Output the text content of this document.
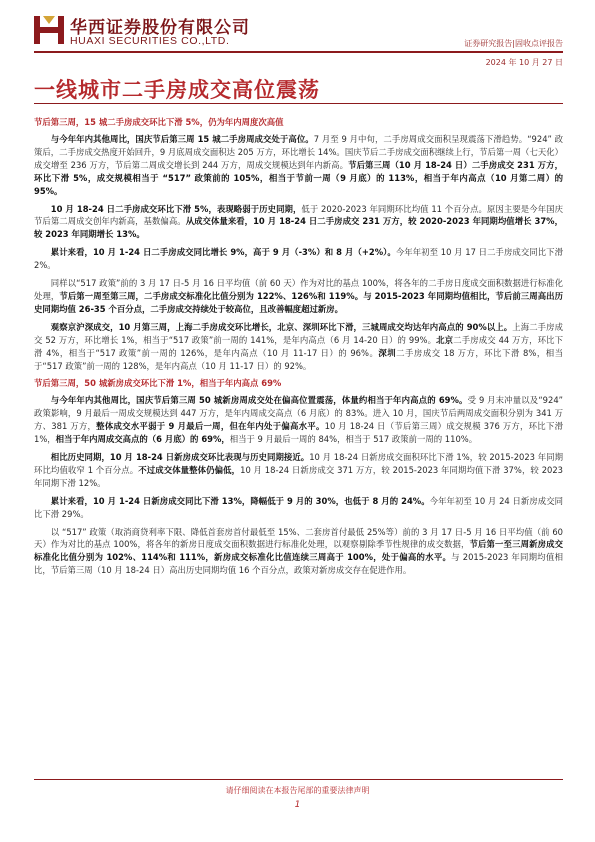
华西证券股份有限公司
HUAXI SECURITIES CO.,LTD.	证券研究报告|固收点评报告
2024 年 10 月 27 日
一线城市二手房成交高位震荡
节后第三周，15 城二手房成交环比下滑 5%，仍为年内周度次高值

与今年年内其他周比，国庆节后第三周 15 城二手房周成交处于高位。7 月至 9 月中旬，二手房周成交面积呈现震荡下滑趋势。“924” 政策后，二手房成交热度开始回升，9 月底周成交面积达 205 万方，环比增长 14%。国庆节后二手房成交面积继续上行，节后第一周（七天化）成交增至 236 万方，节后第二周成交增长到 244 万方，周成交规模达到年内新高。节后第三周（10 月 18-24 日）二手房成交 231 万方，环比下滑 5%，成交规模相当于 “517” 政策前的 105%，相当于节前一周（9 月底）的 113%，相当于年内高点（10 月第二周）的 95%。

10 月 18-24 日二手房成交环比下滑 5%，表现略弱于历史同期，低于 2020-2023 年同期环比均值 11 个百分点。原因主要是今年国庆节后第二周成交创年内新高，基数偏高。从成交体量来看，10 月 18-24 日二手房成交 231 万方，较 2020-2023 年同期均值增长 37%，较 2023 年同期增长 13%。

累计来看，10 月 1-24 日二手房成交同比增长 9%，高于 9 月（-3%）和 8 月（+2%）。今年年初至 10 月 17 日二手房成交同比下滑 2%。

同样以“517 政策”前的 3 月 17 日-5 月 16 日平均值（前 60 天）作为对比的基点 100%，将各年的二手房日度成交面积数据进行标准化处理，节后第一周至第三周，二手房成交标准化比值分别为 122%、126%和 119%。与 2015-2023 年同期均值相比，节后前三周高出历史同期均值 26-35 个百分点，二手房成交持续处于较高位，且改善幅度超过新房。

观察京沪深成交，10 月第三周，上海二手房成交环比增长，北京、深圳环比下滑，三城周成交均达年内高点的 90%以上。上海二手房成交 52 万方，环比增长 1%，相当于“517 政策”前一周的 141%，是年内高点（6 月 14-20 日）的 99%。北京二手房成交 44 万方，环比下滑 4%，相当于“517 政策”前一周的 126%，是年内高点（10 月 11-17 日）的 96%。深圳二手房成交 18 万方，环比下滑 8%，相当于“517 政策”前一周的 128%，是年内高点（10 月 11-17 日）的 92%。

节后第三周，50 城新房成交环比下滑 1%，相当于年内高点 69%

与今年年内其他周比，国庆节后第三周 50 城新房周成交处在偏高位置震荡，体量约相当于年内高点的 69%。受 9 月末冲量以及“924” 政策影响，9 月最后一周成交规模达到 447 万方，是年内周成交高点（6 月底）的 83%。进入 10 月，国庆节后两周成交面积分别为 341 万方、381 万方，整体成交水平弱于 9 月最后一周，但在年内处于偏高水平。10 月 18-24 日（节后第三周）成交规模 376 万方，环比下滑 1%，相当于年内周成交高点的（6 月底）的 69%，相当于 9 月最后一周的 84%，相当于 517 政策前一周的 110%。

相比历史同期，10 月 18-24 日新房成交环比表现与历史同期接近。10 月 18-24 日新房成交面积环比下滑 1%，较 2015-2023 年同期环比均值收窄 1 个百分点。不过成交体量整体仍偏低，10 月 18-24 日新房成交 371 万方，较 2015-2023 年同期均值下滑 37%，较 2023 年同期下滑 12%。

累计来看，10 月 1-24 日新房成交同比下滑 13%，降幅低于 9 月的 30%，也低于 8 月的 24%。今年年初至 10 月 24 日新房成交同比下滑 29%。

以 “517” 政策（取消商贷利率下限、降低首套房首付最低至 15%、二套房首付最低 25%等）前的 3 月 17 日-5 月 16 日平均值（前 60 天）作为对比的基点 100%，将各年的新房日度成交面积数据进行标准化处理，以观察剔除季节性规律的成交数据，节后第一至三周新房成交标准化比值分别为 102%、114%和 111%，新房成交标准化比值连续三周高于 100%，处于偏高的水平。与 2015-2023 年同期均值相比，节后第三周（10 月 18-24 日）高出历史同期均值 16 个百分点，政策对新房成交存在促进作用。

请仔细阅读在本报告尾部的重要法律声明
1
